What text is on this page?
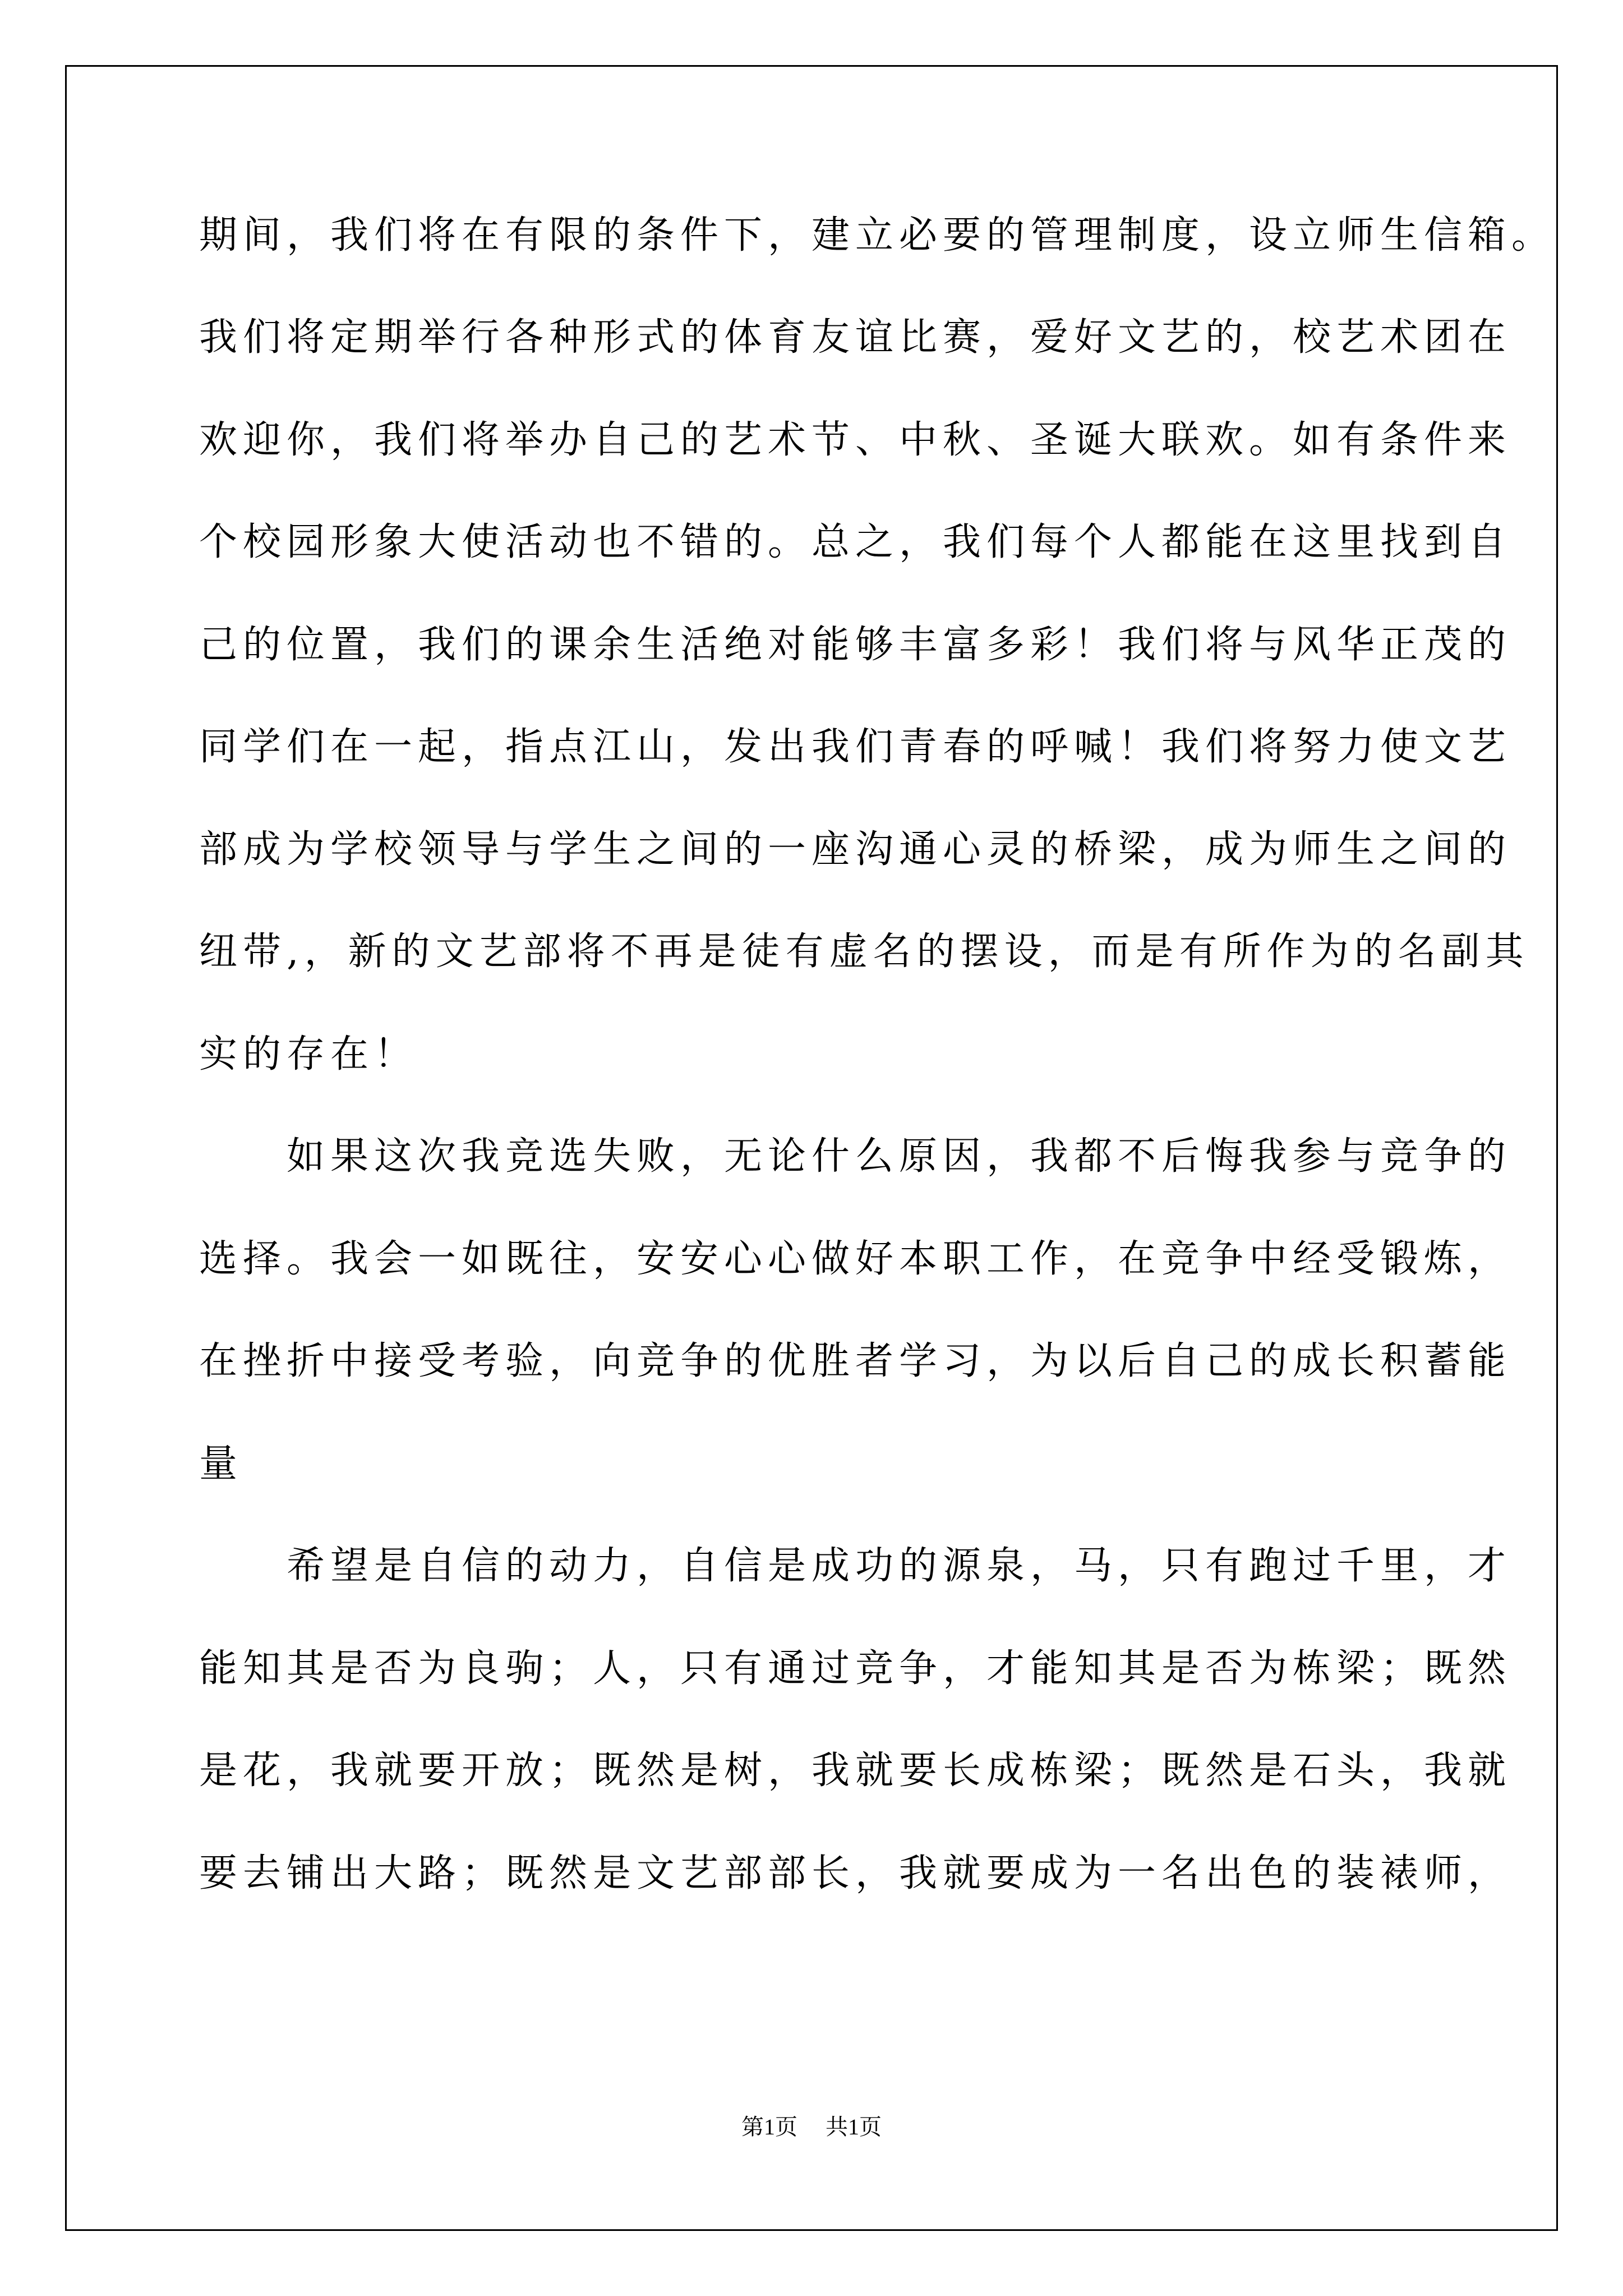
期间，我们将在有限的条件下，建立必要的管理制度，设立师生信箱。
我们将定期举行各种形式的体育友谊比赛，爱好文艺的，校艺术团在
欢迎你，我们将举办自己的艺术节、中秋、圣诞大联欢。如有条件来
个校园形象大使活动也不错的。总之，我们每个人都能在这里找到自
己的位置，我们的课余生活绝对能够丰富多彩！我们将与风华正茂的
同学们在一起，指点江山，发出我们青春的呼喊！我们将努力使文艺
部成为学校领导与学生之间的一座沟通心灵的桥梁，成为师生之间的
纽带,，新的文艺部将不再是徒有虚名的摆设，而是有所作为的名副其
实的存在！
　　如果这次我竞选失败，无论什么原因，我都不后悔我参与竞争的
选择。我会一如既往，安安心心做好本职工作，在竞争中经受锻炼，
在挫折中接受考验，向竞争的优胜者学习，为以后自己的成长积蓄能
量
　　希望是自信的动力，自信是成功的源泉，马，只有跑过千里，才
能知其是否为良驹；人，只有通过竞争，才能知其是否为栋梁；既然
是花，我就要开放；既然是树，我就要长成栋梁；既然是石头，我就
要去铺出大路；既然是文艺部部长，我就要成为一名出色的装裱师，
第1页 共1页
